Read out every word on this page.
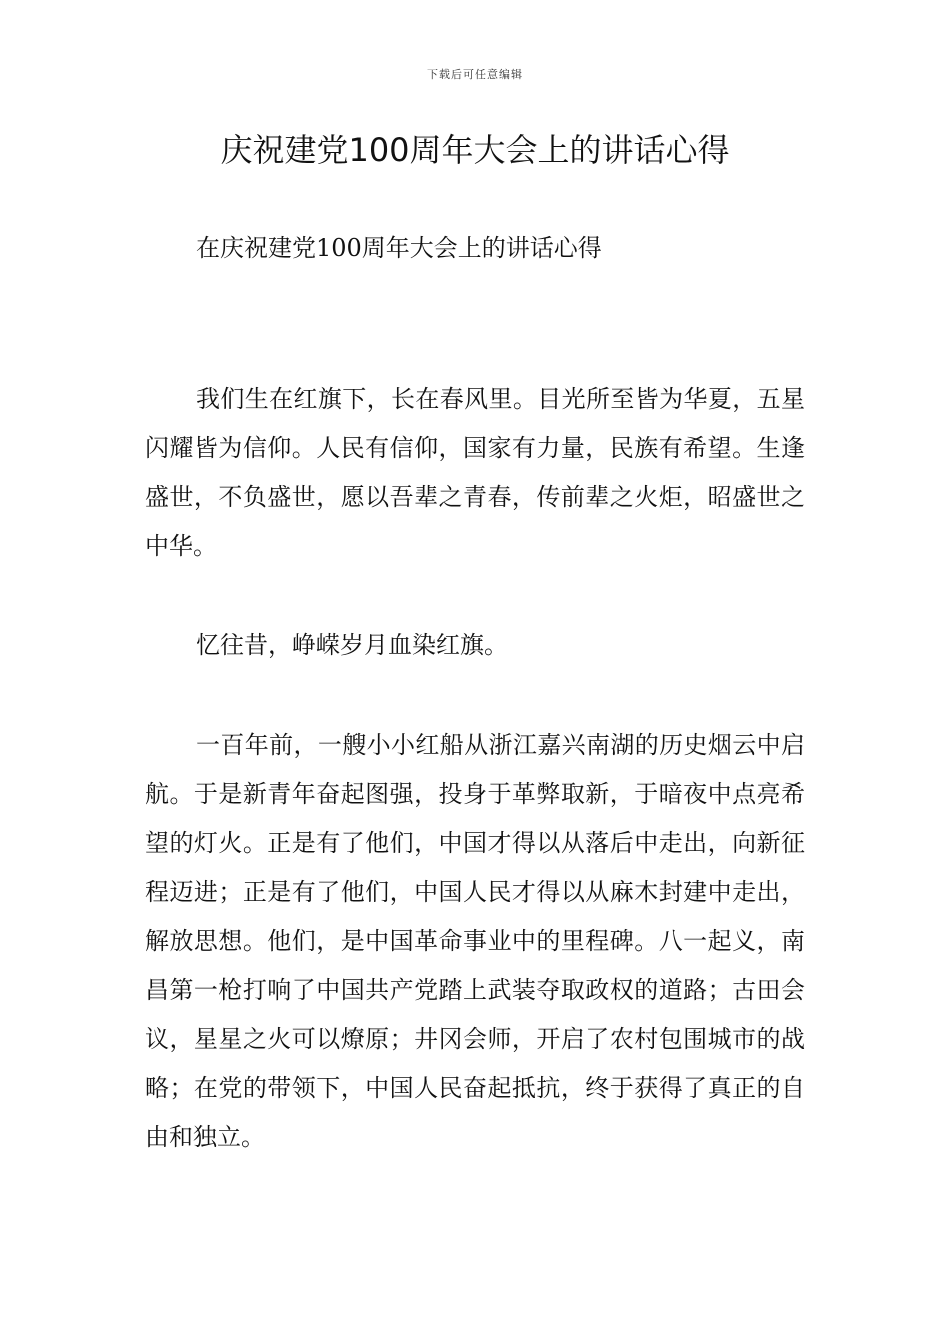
下载后可任意编辑
庆祝建党100周年大会上的讲话心得

在庆祝建党100周年大会上的讲话心得

我们生在红旗下，长在春风里。目光所至皆为华夏，五星闪耀皆为信仰。人民有信仰，国家有力量，民族有希望。生逢盛世，不负盛世，愿以吾辈之青春，传前辈之火炬，昭盛世之中华。

忆往昔，峥嵘岁月血染红旗。

一百年前，一艘小小红船从浙江嘉兴南湖的历史烟云中启航。于是新青年奋起图强，投身于革弊取新，于暗夜中点亮希望的灯火。正是有了他们，中国才得以从落后中走出，向新征程迈进；正是有了他们，中国人民才得以从麻木封建中走出，解放思想。他们，是中国革命事业中的里程碑。八一起义，南昌第一枪打响了中国共产党踏上武装夺取政权的道路；古田会议，星星之火可以燎原；井冈会师，开启了农村包围城市的战略；在党的带领下，中国人民奋起抵抗，终于获得了真正的自由和独立。
